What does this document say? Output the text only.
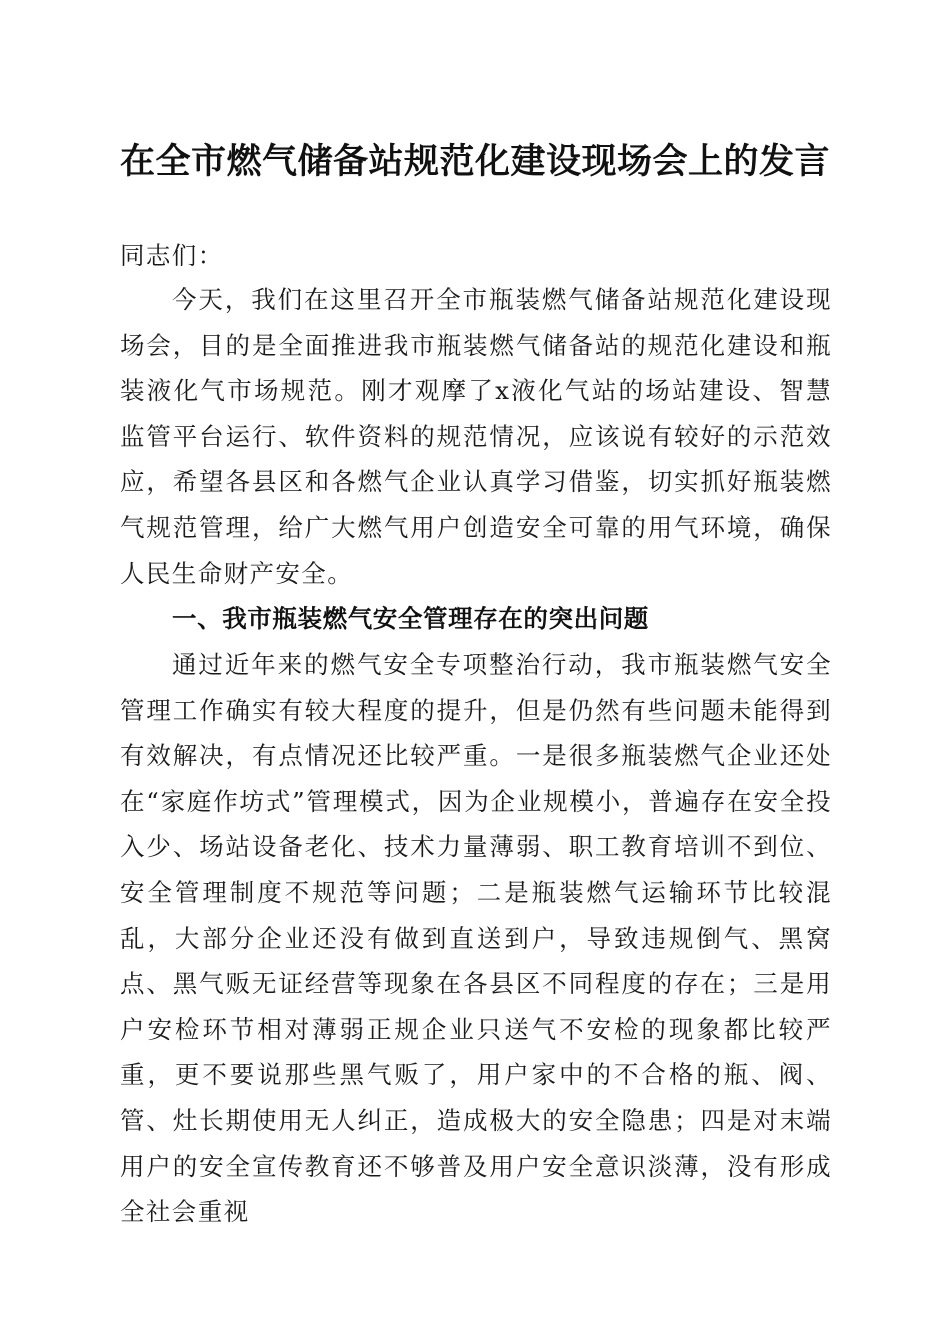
在全市燃气储备站规范化建设现场会上的发言
同志们：
今天，我们在这里召开全市瓶装燃气储备站规范化建设现场会，目的是全面推进我市瓶装燃气储备站的规范化建设和瓶装液化气市场规范。刚才观摩了x液化气站的场站建设、智慧监管平台运行、软件资料的规范情况，应该说有较好的示范效应，希望各县区和各燃气企业认真学习借鉴，切实抓好瓶装燃气规范管理，给广大燃气用户创造安全可靠的用气环境，确保人民生命财产安全。
一、我市瓶装燃气安全管理存在的突出问题
通过近年来的燃气安全专项整治行动，我市瓶装燃气安全管理工作确实有较大程度的提升，但是仍然有些问题未能得到有效解决，有点情况还比较严重。一是很多瓶装燃气企业还处在“家庭作坊式”管理模式，因为企业规模小，普遍存在安全投入少、场站设备老化、技术力量薄弱、职工教育培训不到位、安全管理制度不规范等问题；二是瓶装燃气运输环节比较混乱，大部分企业还没有做到直送到户，导致违规倒气、黑窝点、黑气贩无证经营等现象在各县区不同程度的存在；三是用户安检环节相对薄弱正规企业只送气不安检的现象都比较严重，更不要说那些黑气贩了，用户家中的不合格的瓶、阀、管、灶长期使用无人纠正，造成极大的安全隐患；四是对末端用户的安全宣传教育还不够普及用户安全意识淡薄，没有形成全社会重视
